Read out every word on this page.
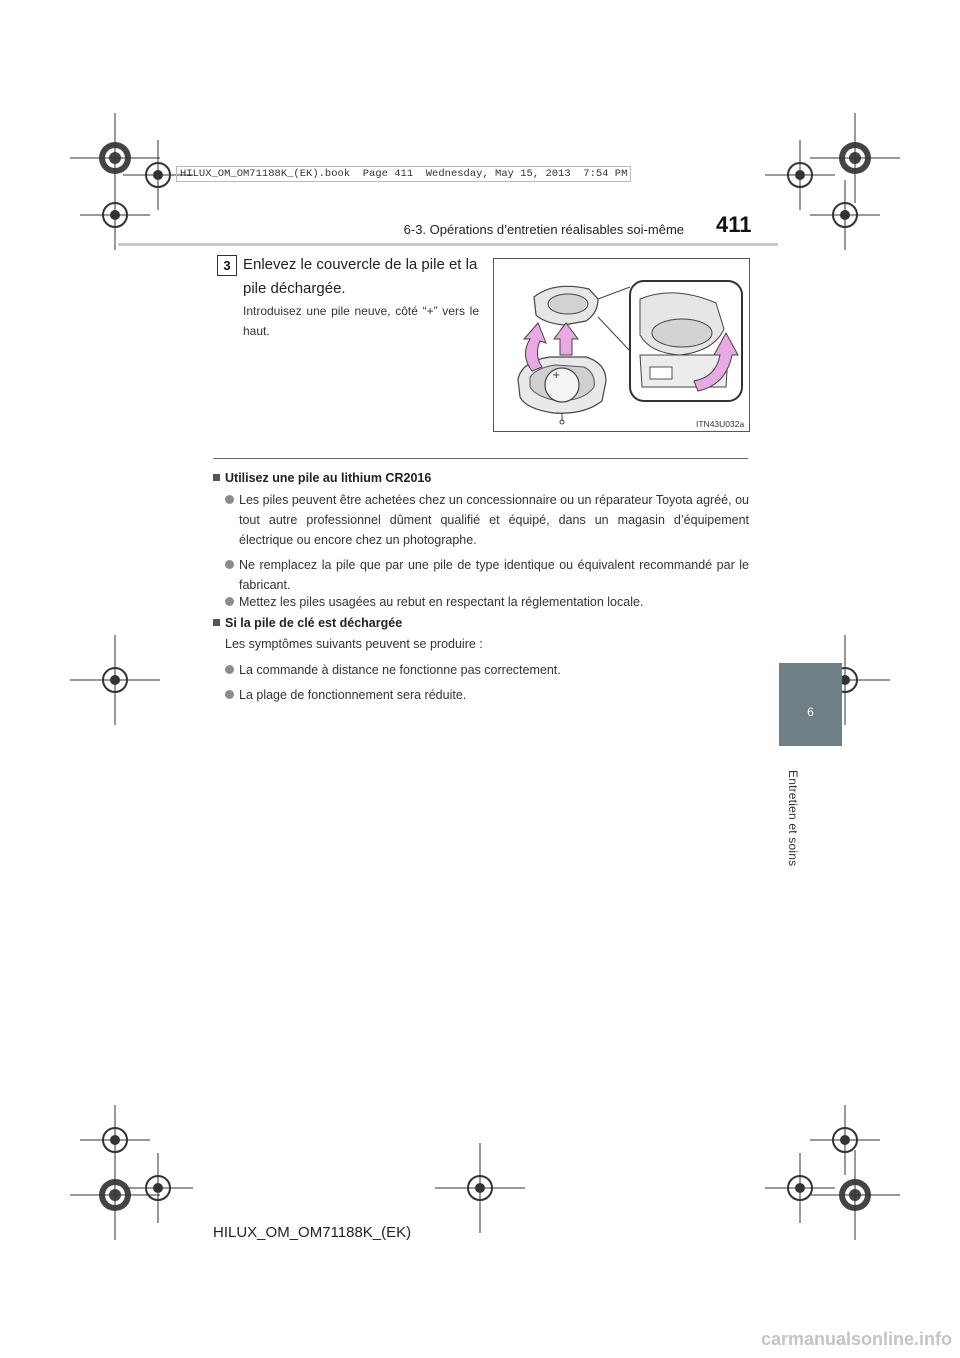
HILUX_OM_OM71188K_(EK).book  Page 411  Wednesday, May 15, 2013  7:54 PM
6-3. Opérations d’entretien réalisables soi-même 411
6
Entretien et soins
3 Enlevez le couvercle de la pile et la pile déchargée.
Introduisez une pile neuve, côté “+” vers le haut.
+
ITN43U032a
Utilisez une pile au lithium CR2016
Les piles peuvent être achetées chez un concessionnaire ou un réparateur Toyota agréé, ou tout autre professionnel dûment qualifié et équipé, dans un magasin d’équipement électrique ou encore chez un photographe.
Ne remplacez la pile que par une pile de type identique ou équivalent recommandé par le fabricant.
Mettez les piles usagées au rebut en respectant la réglementation locale.
Si la pile de clé est déchargée
Les symptômes suivants peuvent se produire :
La commande à distance ne fonctionne pas correctement.
La plage de fonctionnement sera réduite.
HILUX_OM_OM71188K_(EK)
carmanualsonline.info
